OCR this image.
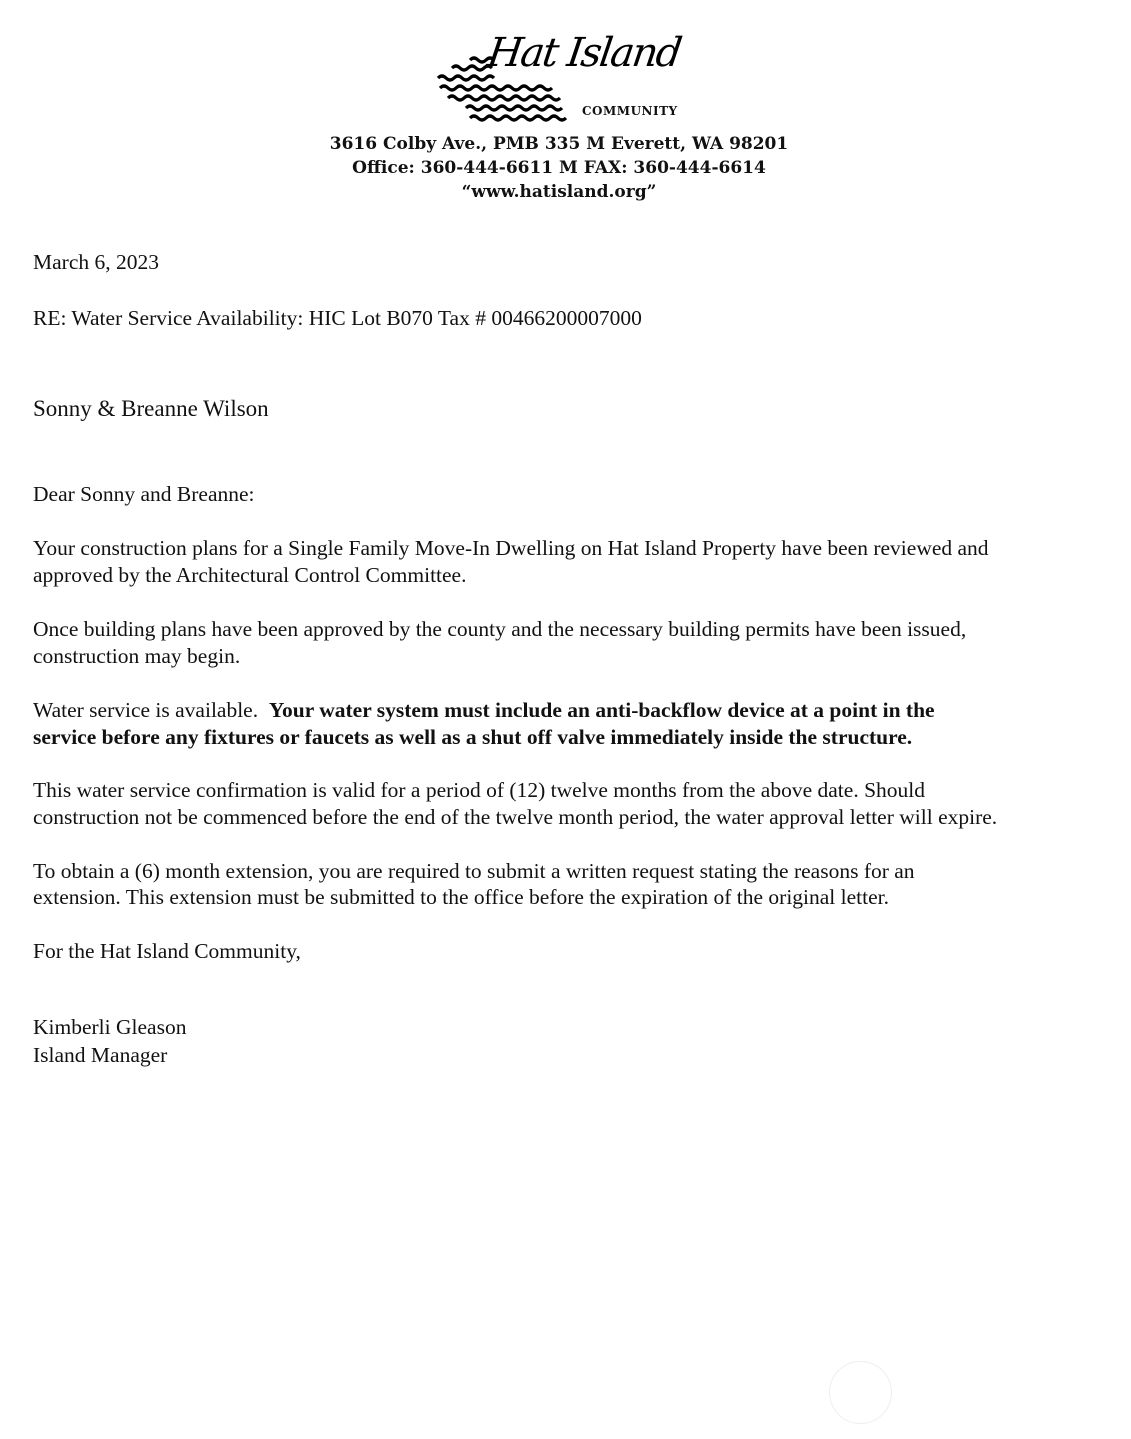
Hat Island
COMMUNITY
3616 Colby Ave., PMB 335 M Everett, WA 98201
Office: 360-444-6611 M FAX: 360-444-6614
“www.hatisland.org”
March 6, 2023
RE: Water Service Availability: HIC Lot B070 Tax # 00466200007000
Sonny & Breanne Wilson
Dear Sonny and Breanne:
Your construction plans for a Single Family Move-In Dwelling on Hat Island Property have been reviewed and
approved by the Architectural Control Committee.
Once building plans have been approved by the county and the necessary building permits have been issued,
construction may begin.
Water service is available.  Your water system must include an anti-backflow device at a point in the
service before any fixtures or faucets as well as a shut off valve immediately inside the structure.
This water service confirmation is valid for a period of (12) twelve months from the above date. Should
construction not be commenced before the end of the twelve month period, the water approval letter will expire.
To obtain a (6) month extension, you are required to submit a written request stating the reasons for an
extension. This extension must be submitted to the office before the expiration of the original letter.
For the Hat Island Community,
Kimberli Gleason
Island Manager
